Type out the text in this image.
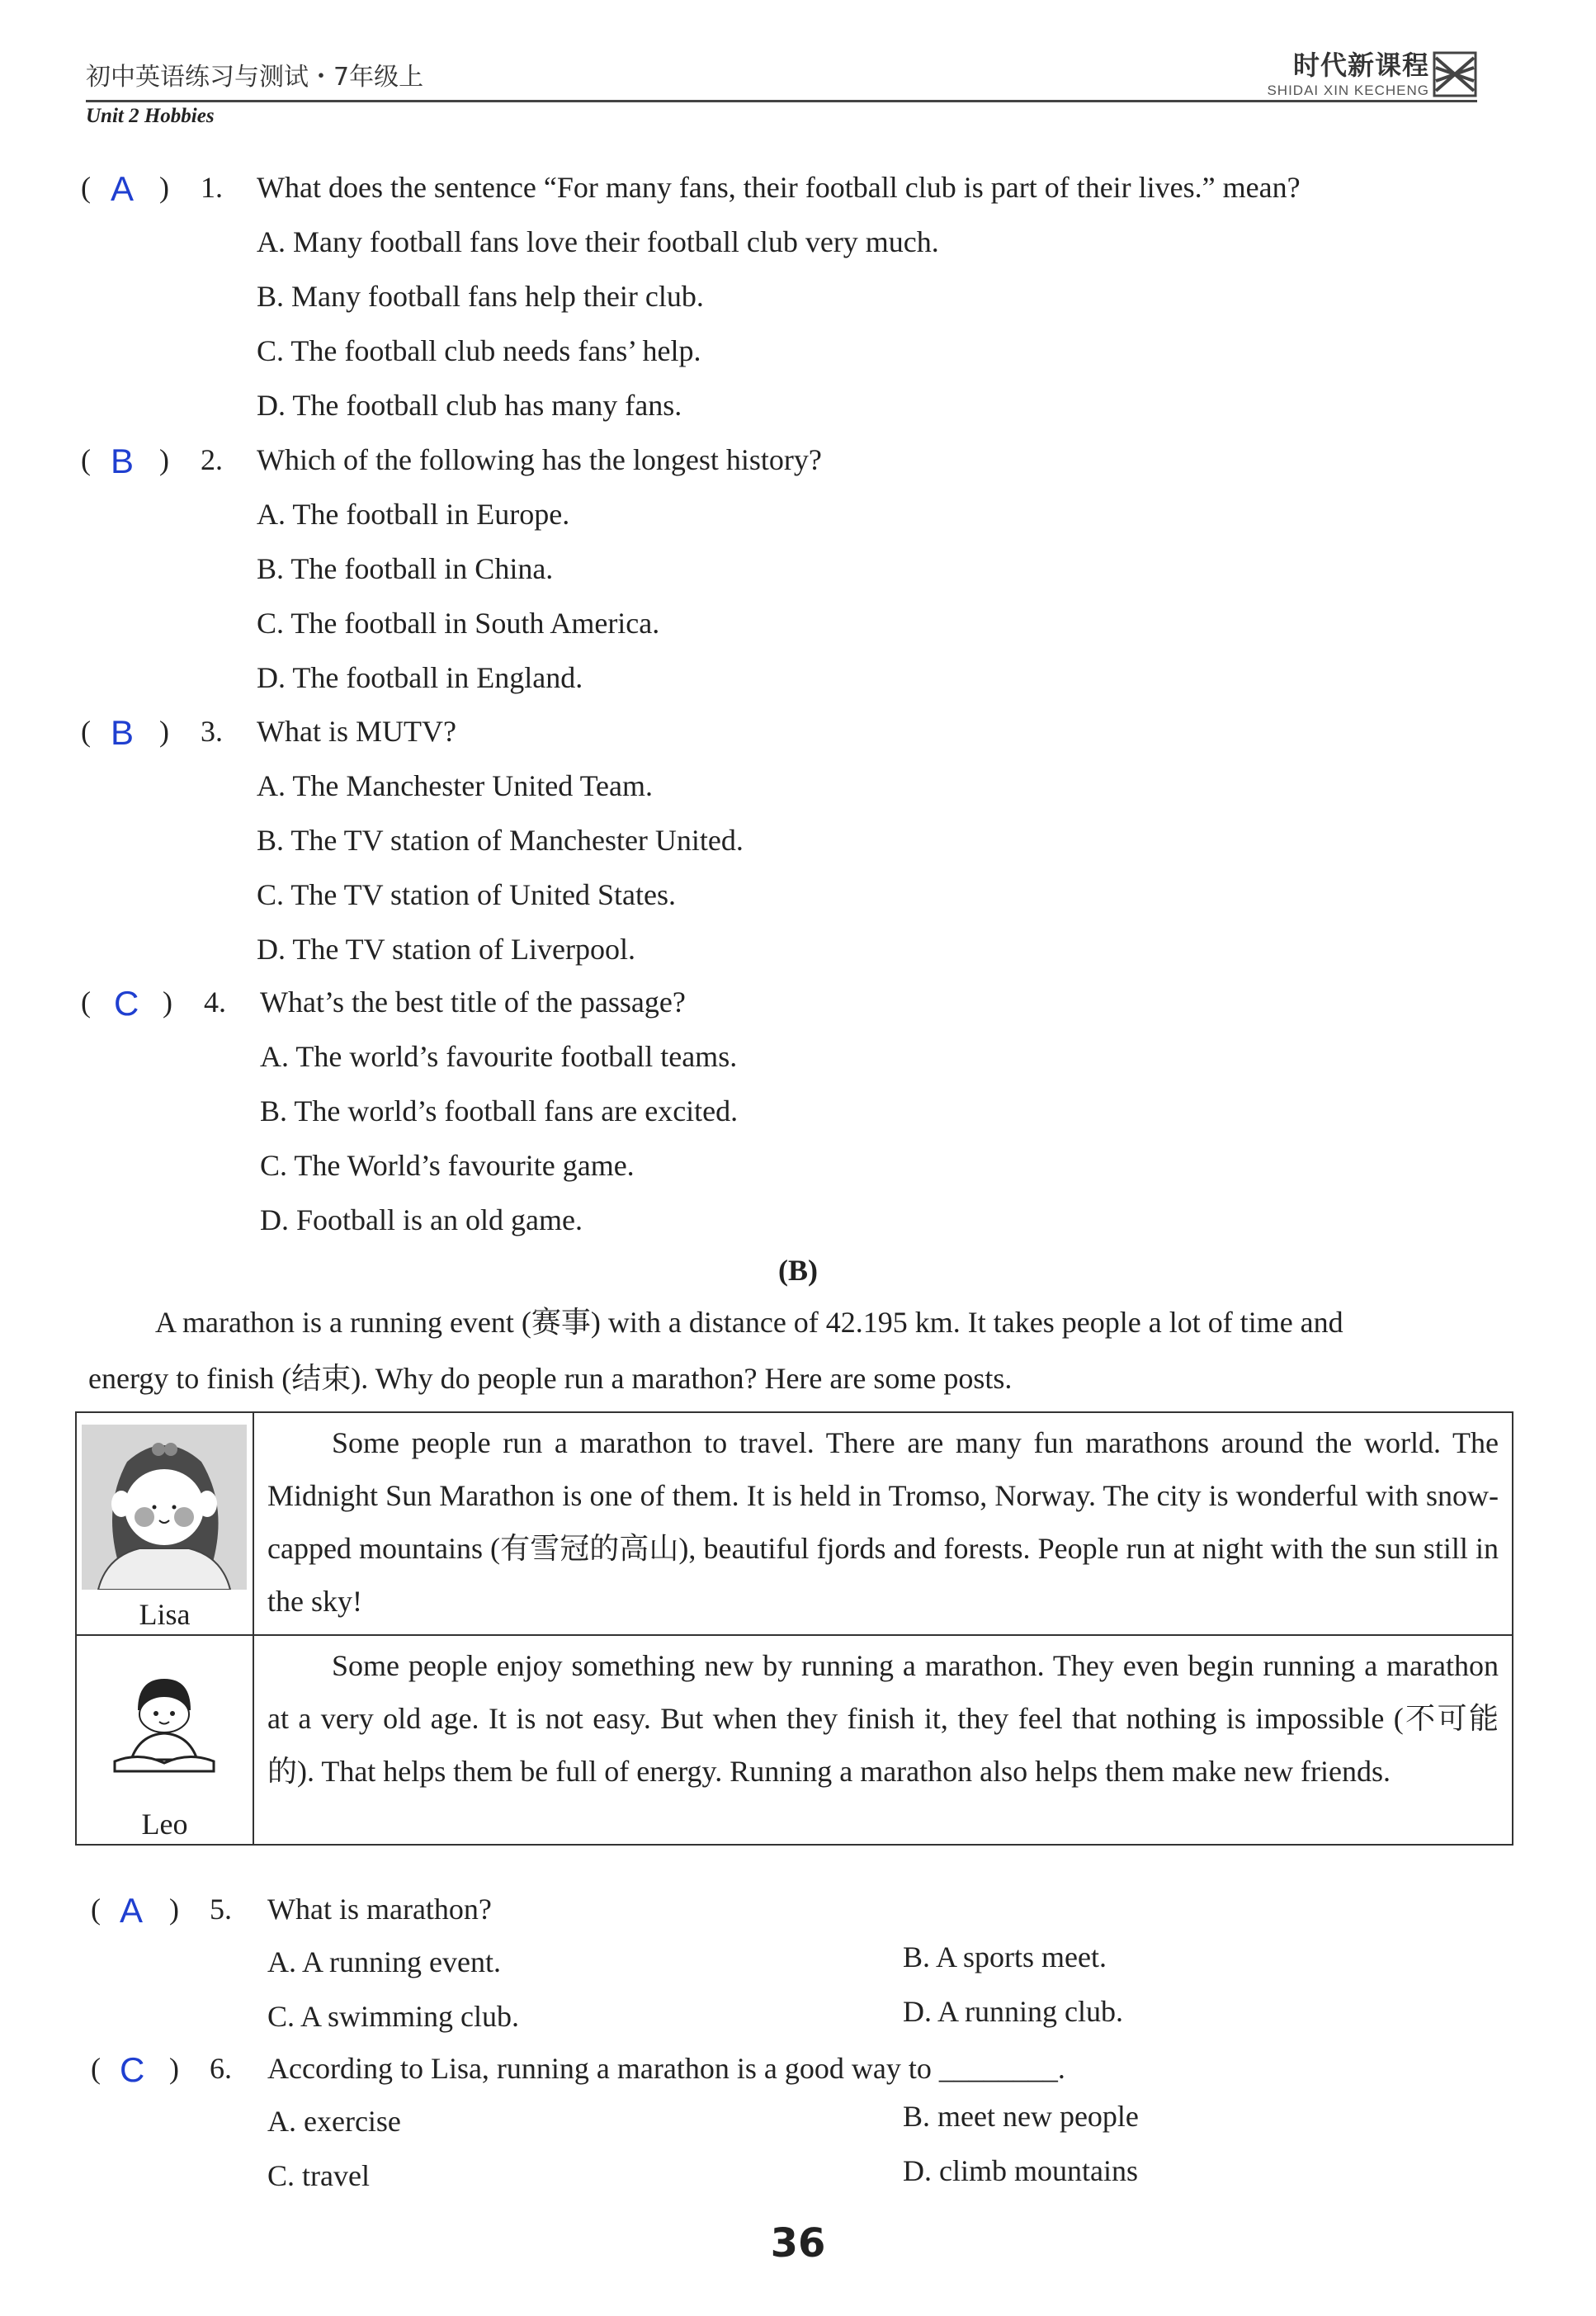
初中英语练习与测试・7年级上
Unit 2 Hobbies
时代新课程
SHIDAI XIN KECHENG
( A ) 1. What does the sentence “For many fans, their football club is part of their lives.” mean?
A. Many football fans love their football club very much.
B. Many football fans help their club.
C. The football club needs fans’ help.
D. The football club has many fans.
( B ) 2. Which of the following has the longest history?
A. The football in Europe.
B. The football in China.
C. The football in South America.
D. The football in England.
( B ) 3. What is MUTV?
A. The Manchester United Team.
B. The TV station of Manchester United.
C. The TV station of United States.
D. The TV station of Liverpool.
( C ) 4. What’s the best title of the passage?
A. The world’s favourite football teams.
B. The world’s football fans are excited.
C. The World’s favourite game.
D. Football is an old game.
(B)
A marathon is a running event (赛事) with a distance of 42.195 km. It takes people a lot of time and
energy to finish (结束). Why do people run a marathon? Here are some posts.
Lisa
Some people run a marathon to travel. There are many fun marathons around the world. The Midnight Sun Marathon is one of them. It is held in Tromso, Norway. The city is wonderful with snow-capped mountains (有雪冠的高山), beautiful fjords and forests. People run at night with the sun still in the sky!
Leo
Some people enjoy something new by running a marathon. They even begin running a marathon at a very old age. It is not easy. But when they finish it, they feel that nothing is impossible (不可能的). That helps them be full of energy. Running a marathon also helps them make new friends.
( A ) 5. What is marathon?
A. A running event.	B. A sports meet.
C. A swimming club.	D. A running club.
( C ) 6. According to Lisa, running a marathon is a good way to ________.
A. exercise	B. meet new people
C. travel	D. climb mountains
36
